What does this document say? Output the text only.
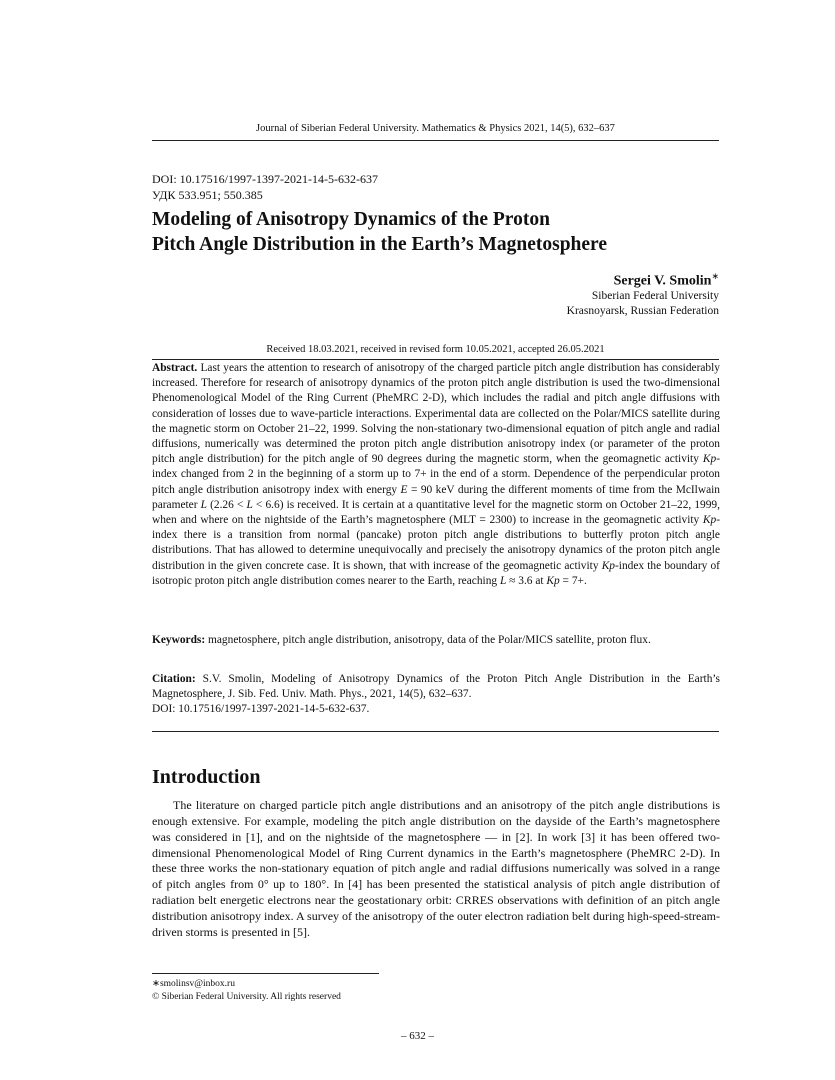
Journal of Siberian Federal University. Mathematics & Physics 2021, 14(5), 632–637
DOI: 10.17516/1997-1397-2021-14-5-632-637
УДК 533.951; 550.385
Modeling of Anisotropy Dynamics of the Proton
Pitch Angle Distribution in the Earth’s Magnetosphere
Sergei V. Smolin∗
Siberian Federal University
Krasnoyarsk, Russian Federation
Received 18.03.2021, received in revised form 10.05.2021, accepted 26.05.2021
Abstract. Last years the attention to research of anisotropy of the charged particle pitch angle distribution has considerably increased. Therefore for research of anisotropy dynamics of the proton pitch angle distribution is used the two-dimensional Phenomenological Model of the Ring Current (PheMRC 2-D), which includes the radial and pitch angle diffusions with consideration of losses due to wave-particle interactions. Experimental data are collected on the Polar/MICS satellite during the magnetic storm on October 21–22, 1999. Solving the non-stationary two-dimensional equation of pitch angle and radial diffusions, numerically was determined the proton pitch angle distribution anisotropy index (or parameter of the proton pitch angle distribution) for the pitch angle of 90 degrees during the magnetic storm, when the geomagnetic activity Kp-index changed from 2 in the beginning of a storm up to 7+ in the end of a storm. Dependence of the perpendicular proton pitch angle distribution anisotropy index with energy E = 90 keV during the different moments of time from the McIlwain parameter L (2.26 < L < 6.6) is received. It is certain at a quantitative level for the magnetic storm on October 21–22, 1999, when and where on the nightside of the Earth’s magnetosphere (MLT = 2300) to increase in the geomagnetic activity Kp-index there is a transition from normal (pancake) proton pitch angle distributions to butterfly proton pitch angle distributions. That has allowed to determine unequivocally and precisely the anisotropy dynamics of the proton pitch angle distribution in the given concrete case. It is shown, that with increase of the geomagnetic activity Kp-index the boundary of isotropic proton pitch angle distribution comes nearer to the Earth, reaching L ≈ 3.6 at Kp = 7+.
Keywords: magnetosphere, pitch angle distribution, anisotropy, data of the Polar/MICS satellite, proton flux.
Citation: S.V. Smolin, Modeling of Anisotropy Dynamics of the Proton Pitch Angle Distribution in the Earth’s Magnetosphere, J. Sib. Fed. Univ. Math. Phys., 2021, 14(5), 632–637.
DOI: 10.17516/1997-1397-2021-14-5-632-637.
Introduction
The literature on charged particle pitch angle distributions and an anisotropy of the pitch angle distributions is enough extensive. For example, modeling the pitch angle distribution on the dayside of the Earth’s magnetosphere was considered in [1], and on the nightside of the magnetosphere — in [2]. In work [3] it has been offered two-dimensional Phenomenological Model of Ring Current dynamics in the Earth’s magnetosphere (PheMRC 2-D). In these three works the non-stationary equation of pitch angle and radial diffusions numerically was solved in a range of pitch angles from 0° up to 180°. In [4] has been presented the statistical analysis of pitch angle distribution of radiation belt energetic electrons near the geostationary orbit: CRRES observations with definition of an pitch angle distribution anisotropy index. A survey of the anisotropy of the outer electron radiation belt during high-speed-stream-driven storms is presented in [5].
∗smolinsv@inbox.ru
© Siberian Federal University. All rights reserved
– 632 –
